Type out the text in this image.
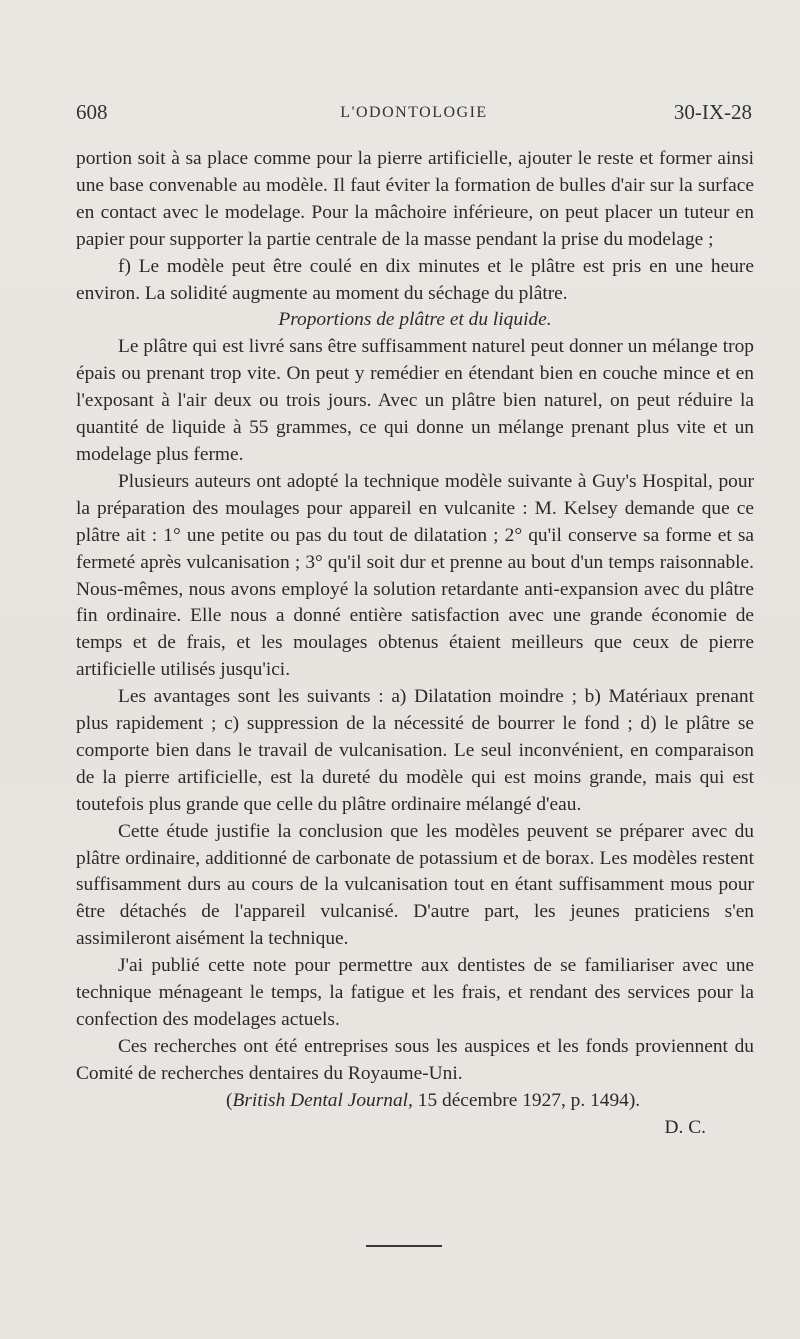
608	L'ODONTOLOGIE	30-IX-28

portion soit à sa place comme pour la pierre artificielle, ajouter le reste et former ainsi une base convenable au modèle. Il faut éviter la formation de bulles d'air sur la surface en contact avec le modelage. Pour la mâchoire inférieure, on peut placer un tuteur en papier pour supporter la partie centrale de la masse pendant la prise du modelage ;

f) Le modèle peut être coulé en dix minutes et le plâtre est pris en une heure environ. La solidité augmente au moment du séchage du plâtre.

Proportions de plâtre et du liquide.

Le plâtre qui est livré sans être suffisamment naturel peut donner un mélange trop épais ou prenant trop vite. On peut y remédier en étendant bien en couche mince et en l'exposant à l'air deux ou trois jours. Avec un plâtre bien naturel, on peut réduire la quantité de liquide à 55 grammes, ce qui donne un mélange prenant plus vite et un modelage plus ferme.

Plusieurs auteurs ont adopté la technique modèle suivante à Guy's Hospital, pour la préparation des moulages pour appareil en vulcanite : M. Kelsey demande que ce plâtre ait : 1° une petite ou pas du tout de dilatation ; 2° qu'il conserve sa forme et sa fermeté après vulcanisation ; 3° qu'il soit dur et prenne au bout d'un temps raisonnable. Nous-mêmes, nous avons employé la solution retardante anti-expansion avec du plâtre fin ordinaire. Elle nous a donné entière satisfaction avec une grande économie de temps et de frais, et les moulages obtenus étaient meilleurs que ceux de pierre artificielle utilisés jusqu'ici.

Les avantages sont les suivants : a) Dilatation moindre ; b) Matériaux prenant plus rapidement ; c) suppression de la nécessité de bourrer le fond ; d) le plâtre se comporte bien dans le travail de vulcanisation. Le seul inconvénient, en comparaison de la pierre artificielle, est la dureté du modèle qui est moins grande, mais qui est toutefois plus grande que celle du plâtre ordinaire mélangé d'eau.

Cette étude justifie la conclusion que les modèles peuvent se préparer avec du plâtre ordinaire, additionné de carbonate de potassium et de borax. Les modèles restent suffisamment durs au cours de la vulcanisation tout en étant suffisamment mous pour être détachés de l'appareil vulcanisé. D'autre part, les jeunes praticiens s'en assimileront aisément la technique.

J'ai publié cette note pour permettre aux dentistes de se familiariser avec une technique ménageant le temps, la fatigue et les frais, et rendant des services pour la confection des modelages actuels.

Ces recherches ont été entreprises sous les auspices et les fonds proviennent du Comité de recherches dentaires du Royaume-Uni.

(British Dental Journal, 15 décembre 1927, p. 1494).

D. C.
